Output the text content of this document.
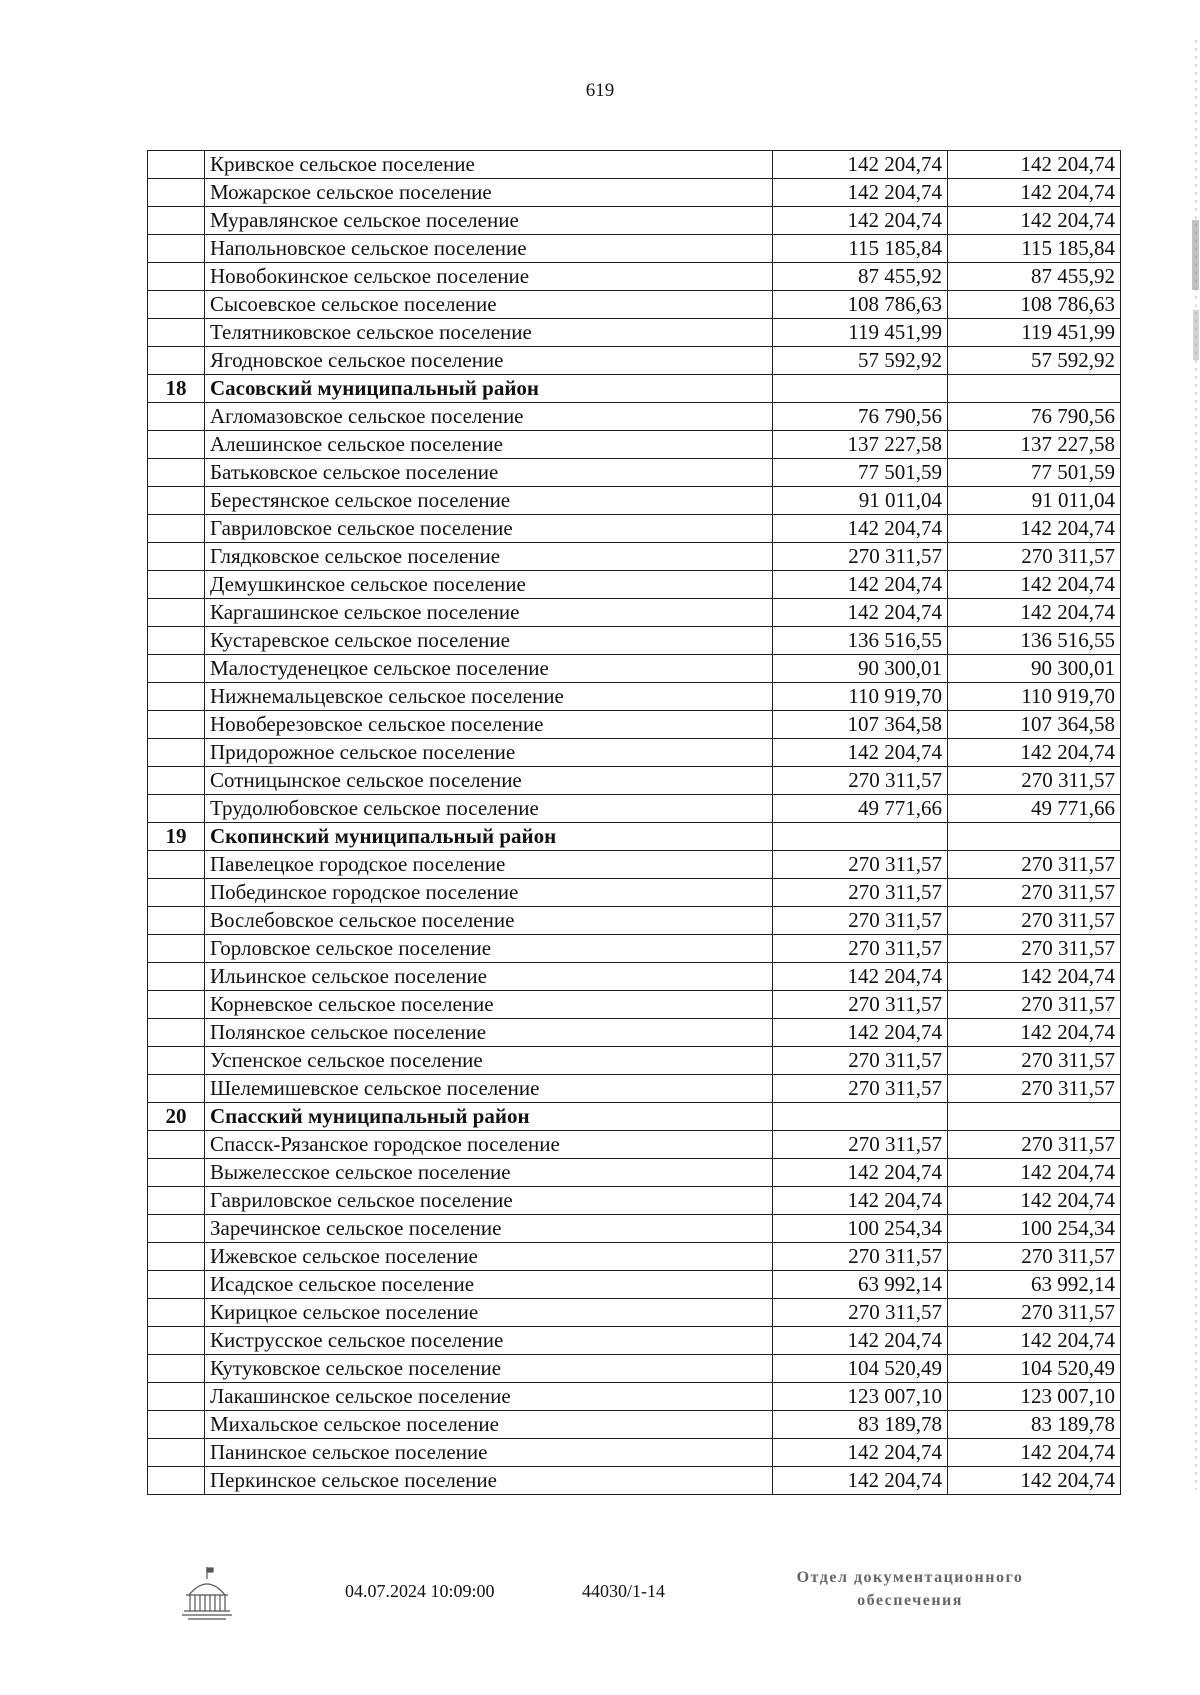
619
	Кривское сельское поселение	142 204,74	142 204,74
	Можарское сельское поселение	142 204,74	142 204,74
	Муравлянское сельское поселение	142 204,74	142 204,74
	Напольновское сельское поселение	115 185,84	115 185,84
	Новобокинское сельское поселение	87 455,92	87 455,92
	Сысоевское сельское поселение	108 786,63	108 786,63
	Телятниковское сельское поселение	119 451,99	119 451,99
	Ягодновское сельское поселение	57 592,92	57 592,92
18	Сасовский муниципальный район		
	Агломазовское сельское поселение	76 790,56	76 790,56
	Алешинское сельское поселение	137 227,58	137 227,58
	Батьковское сельское поселение	77 501,59	77 501,59
	Берестянское сельское поселение	91 011,04	91 011,04
	Гавриловское сельское поселение	142 204,74	142 204,74
	Глядковское сельское поселение	270 311,57	270 311,57
	Демушкинское сельское поселение	142 204,74	142 204,74
	Каргашинское сельское поселение	142 204,74	142 204,74
	Кустаревское сельское поселение	136 516,55	136 516,55
	Малостуденецкое сельское поселение	90 300,01	90 300,01
	Нижнемальцевское сельское поселение	110 919,70	110 919,70
	Новоберезовское сельское поселение	107 364,58	107 364,58
	Придорожное сельское поселение	142 204,74	142 204,74
	Сотницынское сельское поселение	270 311,57	270 311,57
	Трудолюбовское сельское поселение	49 771,66	49 771,66
19	Скопинский муниципальный район		
	Павелецкое городское поселение	270 311,57	270 311,57
	Побединское городское поселение	270 311,57	270 311,57
	Вослебовское сельское поселение	270 311,57	270 311,57
	Горловское сельское поселение	270 311,57	270 311,57
	Ильинское сельское поселение	142 204,74	142 204,74
	Корневское сельское поселение	270 311,57	270 311,57
	Полянское сельское поселение	142 204,74	142 204,74
	Успенское сельское поселение	270 311,57	270 311,57
	Шелемишевское сельское поселение	270 311,57	270 311,57
20	Спасский муниципальный район		
	Спасск-Рязанское городское поселение	270 311,57	270 311,57
	Выжелесское сельское поселение	142 204,74	142 204,74
	Гавриловское сельское поселение	142 204,74	142 204,74
	Заречинское сельское поселение	100 254,34	100 254,34
	Ижевское сельское поселение	270 311,57	270 311,57
	Исадское сельское поселение	63 992,14	63 992,14
	Кирицкое сельское поселение	270 311,57	270 311,57
	Киструсское сельское поселение	142 204,74	142 204,74
	Кутуковское сельское поселение	104 520,49	104 520,49
	Лакашинское сельское поселение	123 007,10	123 007,10
	Михальское сельское поселение	83 189,78	83 189,78
	Панинское сельское поселение	142 204,74	142 204,74
	Перкинское сельское поселение	142 204,74	142 204,74
04.07.2024 10:09:00	44030/1-14
Отдел документационного
обеспечения
